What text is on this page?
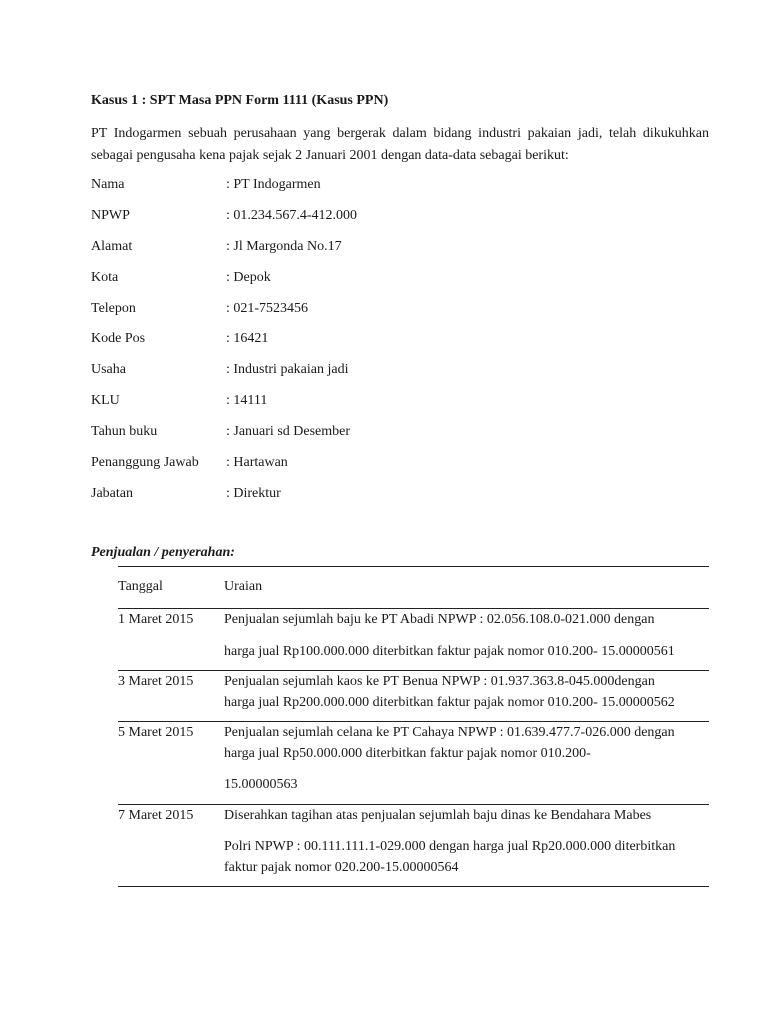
Kasus 1 : SPT Masa PPN Form 1111 (Kasus PPN)
PT Indogarmen sebuah perusahaan yang bergerak dalam bidang industri pakaian jadi, telah dikukuhkan sebagai pengusaha kena pajak sejak 2 Januari 2001 dengan data-data sebagai berikut:
Nama	: PT Indogarmen
NPWP	: 01.234.567.4-412.000
Alamat	: Jl Margonda No.17
Kota	: Depok
Telepon	: 021-7523456
Kode Pos	: 16421
Usaha	: Industri pakaian jadi
KLU	: 14111
Tahun buku	: Januari sd Desember
Penanggung Jawab : Hartawan
Jabatan	: Direktur
Penjualan / penyerahan:
Tanggal	Uraian
1 Maret 2015	Penjualan sejumlah baju ke PT Abadi NPWP : 02.056.108.0-021.000 dengan
harga jual Rp100.000.000 diterbitkan faktur pajak nomor 010.200- 15.00000561
3 Maret 2015	Penjualan sejumlah kaos ke PT Benua NPWP : 01.937.363.8-045.000dengan
harga jual Rp200.000.000 diterbitkan faktur pajak nomor 010.200- 15.00000562
5 Maret 2015	Penjualan sejumlah celana ke PT Cahaya NPWP : 01.639.477.7-026.000 dengan
harga jual Rp50.000.000 diterbitkan faktur pajak nomor 010.200-
15.00000563
7 Maret 2015	Diserahkan tagihan atas penjualan sejumlah baju dinas ke Bendahara Mabes
Polri NPWP : 00.111.111.1-029.000 dengan harga jual Rp20.000.000 diterbitkan
faktur pajak nomor 020.200-15.00000564
